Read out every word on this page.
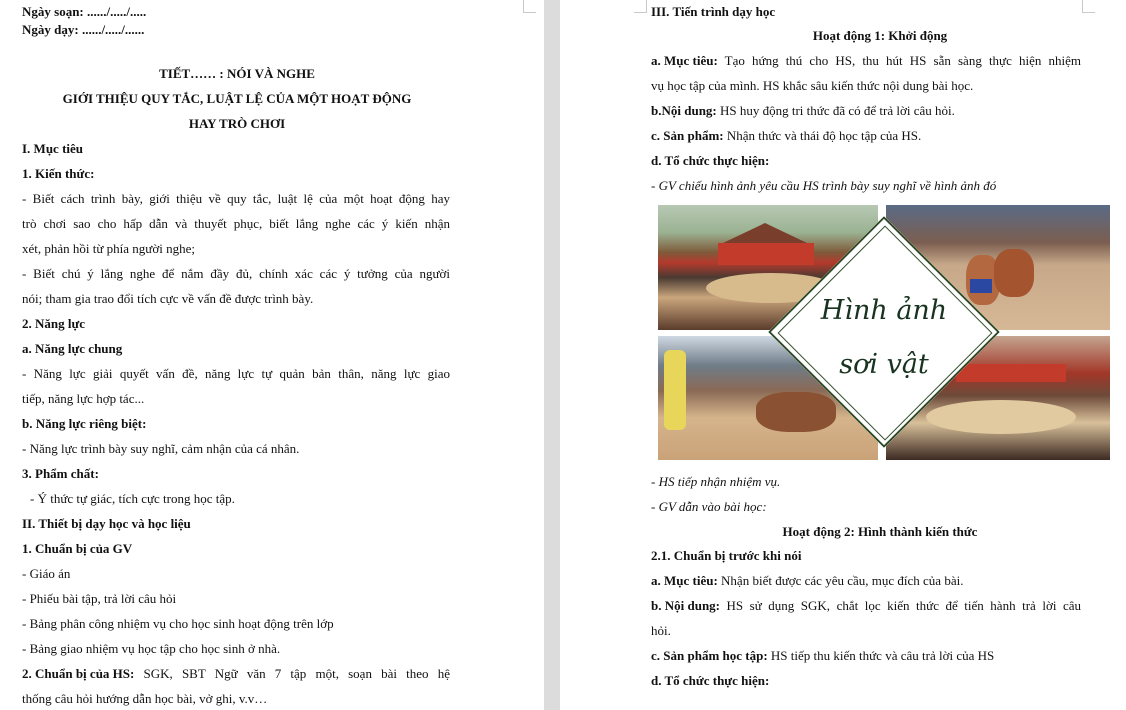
Ngày soạn: ....../...../.....
Ngày dạy: ....../...../......
TIẾT…… : NÓI VÀ NGHE
GIỚI THIỆU QUY TẮC, LUẬT LỆ CỦA MỘT HOẠT ĐỘNG
HAY TRÒ CHƠI
I. Mục tiêu
1. Kiến thức:
- Biết cách trình bày, giới thiệu về quy tắc, luật lệ của một hoạt động hay
trò chơi sao cho hấp dẫn và thuyết phục, biết lắng nghe các ý kiến nhận
xét, phản hồi từ phía người nghe;
- Biết chú ý lắng nghe để nắm đầy đủ, chính xác các ý tưởng của người
nói; tham gia trao đổi tích cực về vấn đề được trình bày.
2. Năng lực
a. Năng lực chung
- Năng lực giải quyết vấn đề, năng lực tự quản bản thân, năng lực giao
tiếp, năng lực hợp tác...
b. Năng lực riêng biệt:
- Năng lực trình bày suy nghĩ, cảm nhận của cá nhân.
3. Phẩm chất:
- Ý thức tự giác, tích cực trong học tập.
II. Thiết bị dạy học và học liệu
1. Chuẩn bị của GV
- Giáo án
- Phiếu bài tập, trả lời câu hỏi
- Bảng phân công nhiệm vụ cho học sinh hoạt động trên lớp
- Bảng giao nhiệm vụ học tập cho học sinh ở nhà.
2. Chuẩn bị của HS: SGK, SBT Ngữ văn 7 tập một, soạn bài theo hệ
thống câu hỏi hướng dẫn học bài, vở ghi, v.v…
III. Tiến trình dạy học
Hoạt động 1: Khởi động
a. Mục tiêu: Tạo hứng thú cho HS, thu hút HS sẵn sàng thực hiện nhiệm
vụ học tập của mình. HS khắc sâu kiến thức nội dung bài học.
b.Nội dung: HS huy động tri thức đã có để trả lời câu hỏi.
c. Sản phẩm: Nhận thức và thái độ học tập của HS.
d. Tổ chức thực hiện:
- GV chiếu hình ảnh yêu cầu HS trình bày suy nghĩ về hình ảnh đó
Hình ảnh
sơi vật
- HS tiếp nhận nhiệm vụ.
- GV dẫn vào bài học:
Hoạt động 2: Hình thành kiến thức
2.1. Chuẩn bị trước khi nói
a. Mục tiêu: Nhận biết được các yêu cầu, mục đích của bài.
b. Nội dung: HS sử dụng SGK, chắt lọc kiến thức để tiến hành trả lời câu
hỏi.
c. Sản phẩm học tập: HS tiếp thu kiến thức và câu trả lời của HS
d. Tổ chức thực hiện:
